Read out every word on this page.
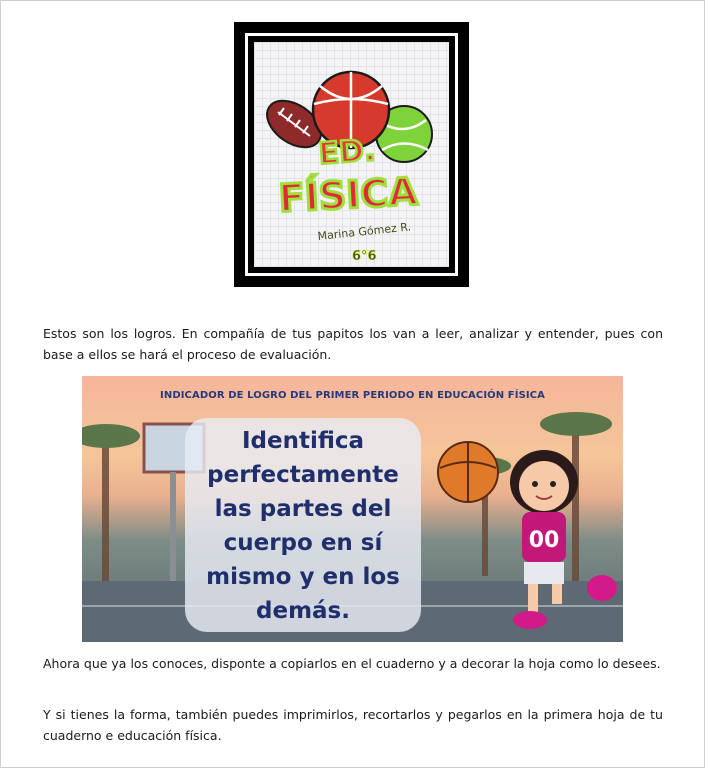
ED.
FÍSICA
Marina Gómez R.
6°6

Estos son los logros. En compañía de tus papitos los van a leer, analizar y entender, pues con base a ellos se hará el proceso de evaluación.

00
INDICADOR DE LOGRO DEL PRIMER PERIODO EN EDUCACIÓN FÍSICA

Identifica
perfectamente
las partes del
cuerpo en sí
mismo y en los
demás.

Ahora que ya los conoces, disponte a copiarlos en el cuaderno y a decorar la hoja como lo desees.

Y si tienes la forma, también puedes imprimirlos, recortarlos y pegarlos en la primera hoja de tu cuaderno e educación física.
